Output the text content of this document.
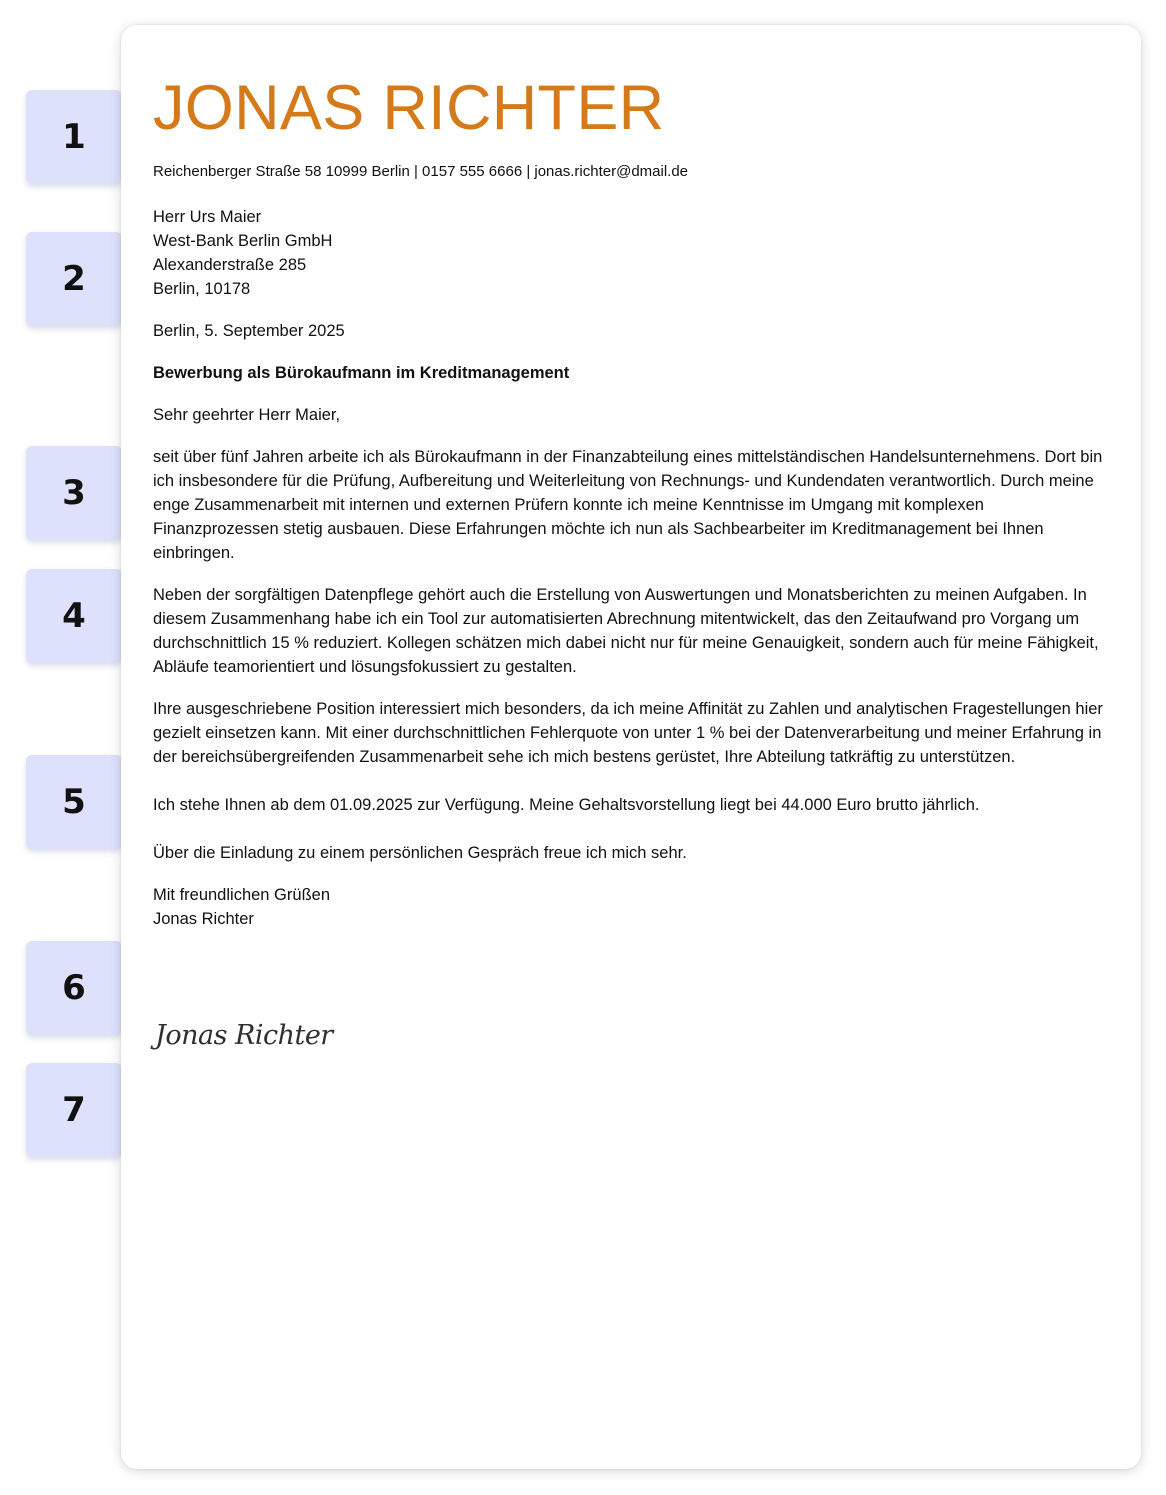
1
2
3
4
5
6
7
JONAS RICHTER
Reichenberger Straße 58 10999 Berlin | 0157 555 6666 | jonas.richter@dmail.de
Herr Urs Maier
West-Bank Berlin GmbH
Alexanderstraße 285
Berlin, 10178
Berlin, 5. September 2025
Bewerbung als Bürokaufmann im Kreditmanagement
Sehr geehrter Herr Maier,

seit über fünf Jahren arbeite ich als Bürokaufmann in der Finanzabteilung eines mittelständischen Handelsunternehmens. Dort bin ich insbesondere für die Prüfung, Aufbereitung und Weiterleitung von Rechnungs- und Kundendaten verantwortlich. Durch meine enge Zusammenarbeit mit internen und externen Prüfern konnte ich meine Kenntnisse im Umgang mit komplexen Finanzprozessen stetig ausbauen. Diese Erfahrungen möchte ich nun als Sachbearbeiter im Kreditmanagement bei Ihnen einbringen.

Neben der sorgfältigen Datenpflege gehört auch die Erstellung von Auswertungen und Monatsberichten zu meinen Aufgaben. In diesem Zusammenhang habe ich ein Tool zur automatisierten Abrechnung mitentwickelt, das den Zeitaufwand pro Vorgang um durchschnittlich 15 % reduziert. Kollegen schätzen mich dabei nicht nur für meine Genauigkeit, sondern auch für meine Fähigkeit, Abläufe teamorientiert und lösungsfokussiert zu gestalten.

Ihre ausgeschriebene Position interessiert mich besonders, da ich meine Affinität zu Zahlen und analytischen Fragestellungen hier gezielt einsetzen kann. Mit einer durchschnittlichen Fehlerquote von unter 1 % bei der Datenverarbeitung und meiner Erfahrung in der bereichsübergreifenden Zusammenarbeit sehe ich mich bestens gerüstet, Ihre Abteilung tatkräftig zu unterstützen.

Ich stehe Ihnen ab dem 01.09.2025 zur Verfügung. Meine Gehaltsvorstellung liegt bei 44.000 Euro brutto jährlich.

Über die Einladung zu einem persönlichen Gespräch freue ich mich sehr.

Mit freundlichen Grüßen
Jonas Richter
Jonas Richter
